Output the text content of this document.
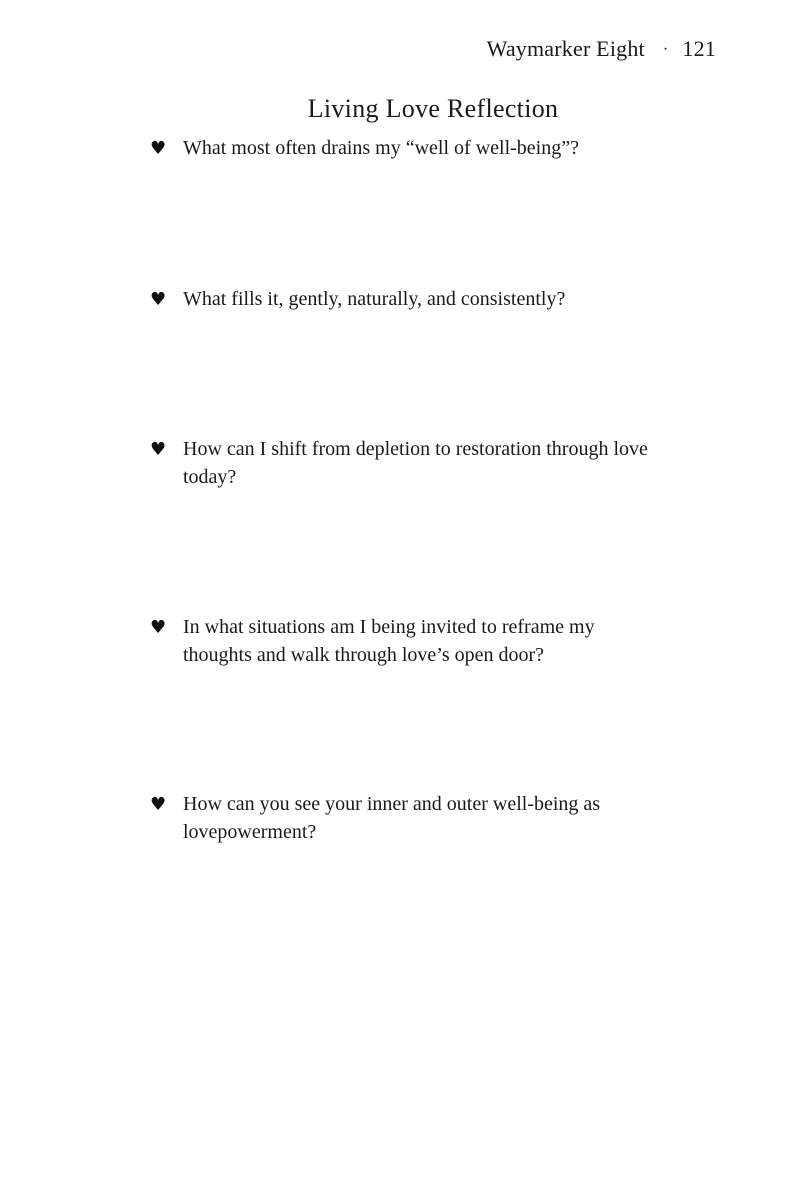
Waymarker Eight · 121
Living Love Reflection
♥ What most often drains my “well of well-being”?
♥ What fills it, gently, naturally, and consistently?
♥ How can I shift from depletion to restoration through love today?
♥ In what situations am I being invited to reframe my thoughts and walk through love’s open door?
♥ How can you see your inner and outer well-being as lovepowerment?
